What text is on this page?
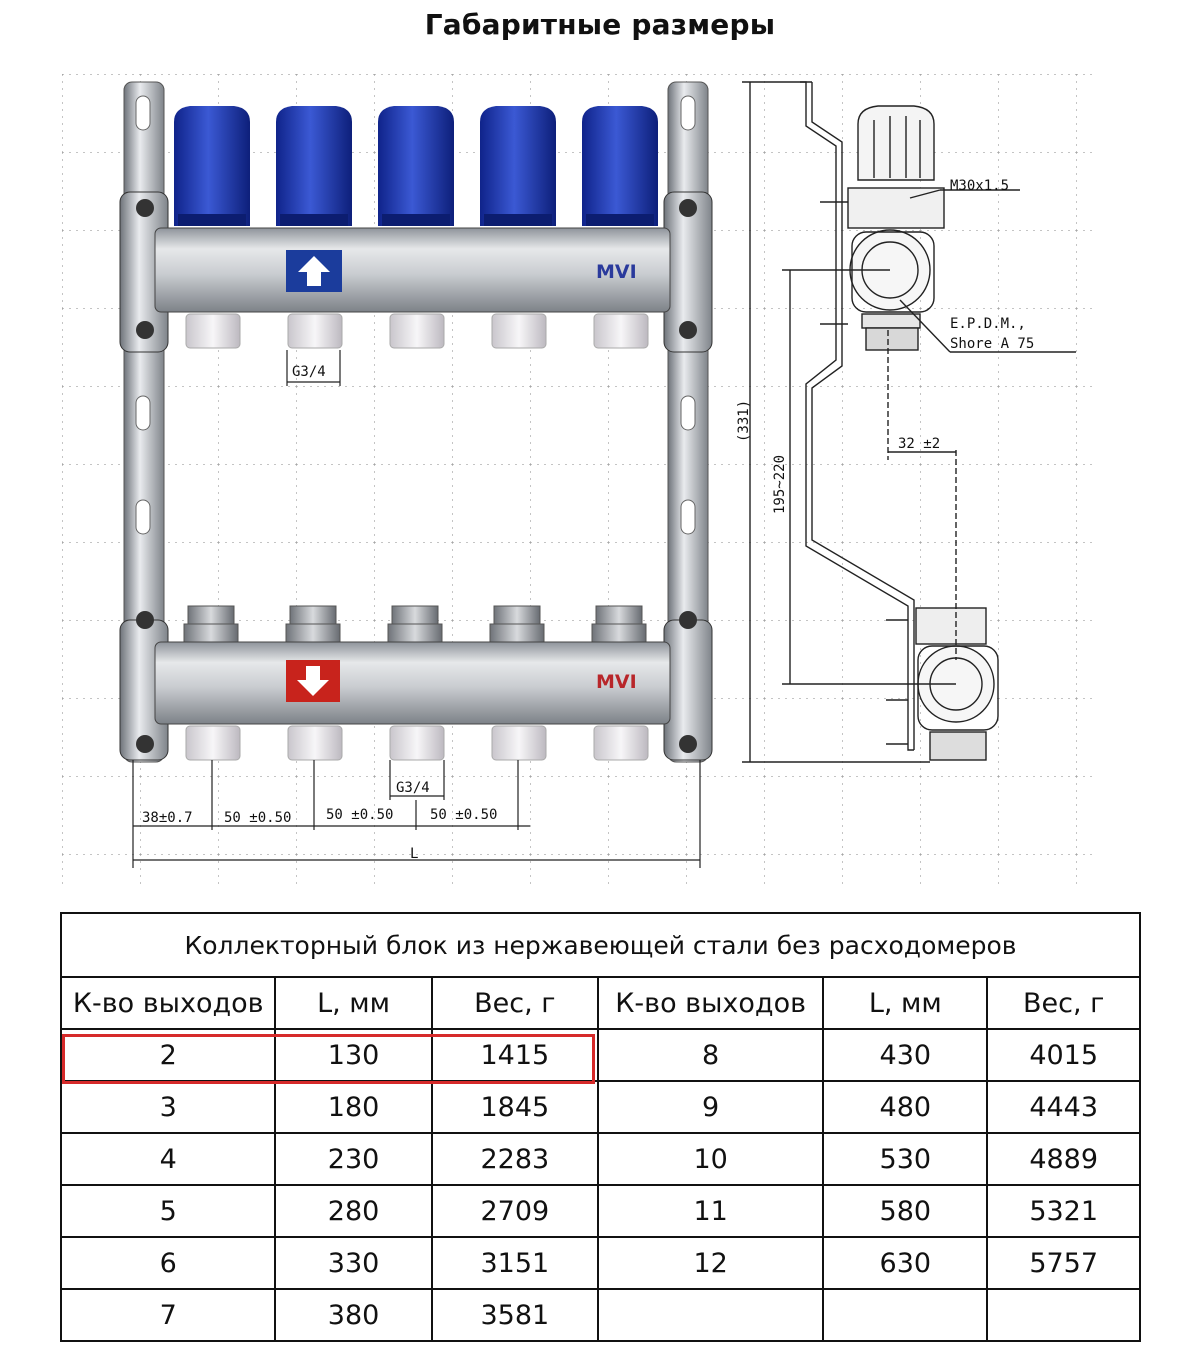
Габаритные размеры
MVI
G3/4
MVI
G3/4
38±0.7 50 ±0.50 50 ±0.50	50 ±0.50
L
M30x1.5
E.P.D.M.,
Shore A 75
32 ±2
(331)
195~220
Коллекторный блок из нержавеющей стали без расходомеров					
К-во выходов	L, мм	Вес, г	К-во выходов	L, мм	Вес, г
2	130	1415	8	430	4015
3	180	1845	9	480	4443
4	230	2283	10	530	4889
5	280	2709	11	580	5321
6	330	3151	12	630	5757
7	380	3581			
